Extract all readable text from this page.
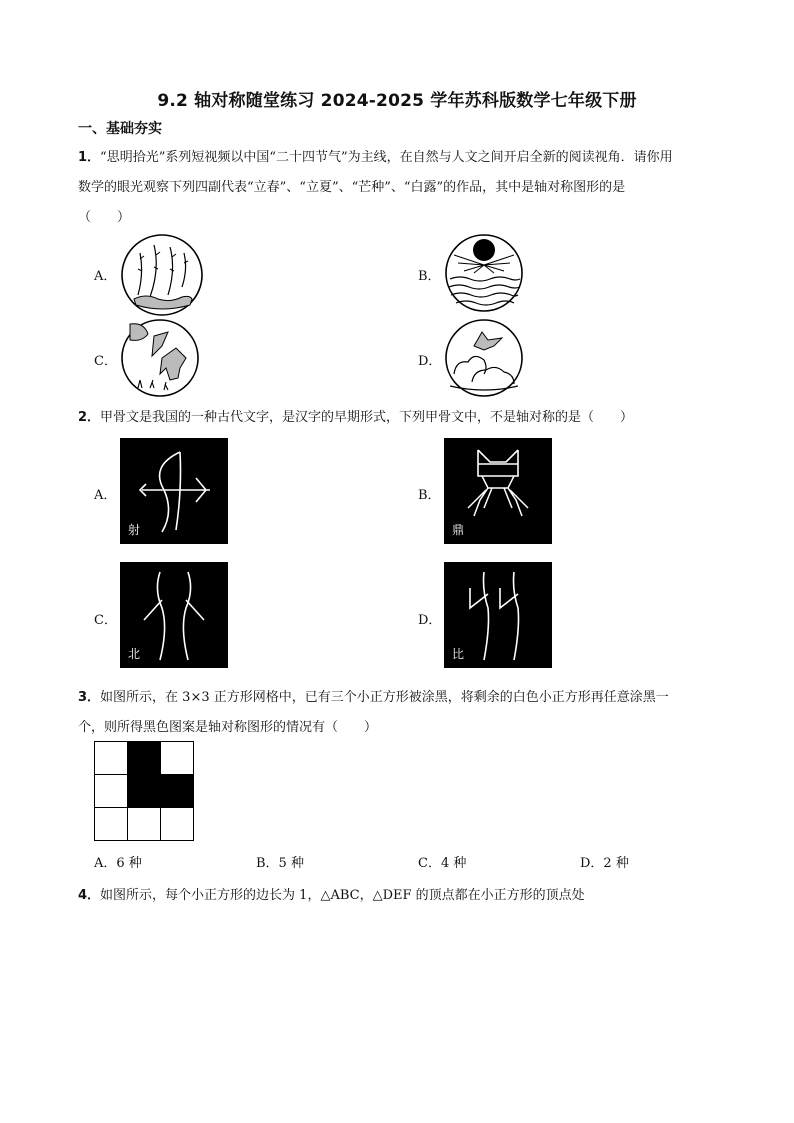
9.2 轴对称随堂练习 2024-2025 学年苏科版数学七年级下册
一、基础夯实
1．“思明拾光”系列短视频以中国“二十四节气”为主线，在自然与人文之间开启全新的阅读视角．请你用
数学的眼光观察下列四副代表“立春”、“立夏”、“芒种”、“白露”的作品，其中是轴对称图形的是
（　　）
A．	B．
C．	D．
2．甲骨文是我国的一种古代文字，是汉字的早期形式，下列甲骨文中，不是轴对称的是（　　）
A．
射
B．
鼎
C．
北
D．
比
3．如图所示，在 3×3 正方形网格中，已有三个小正方形被涂黑，将剩余的白色小正方形再任意涂黑一
个，则所得黑色图案是轴对称图形的情况有（　　）
A．6 种	B．5 种	C．4 种	D．2 种
4．如图所示，每个小正方形的边长为 1，△ABC，△DEF 的顶点都在小正方形的顶点处
